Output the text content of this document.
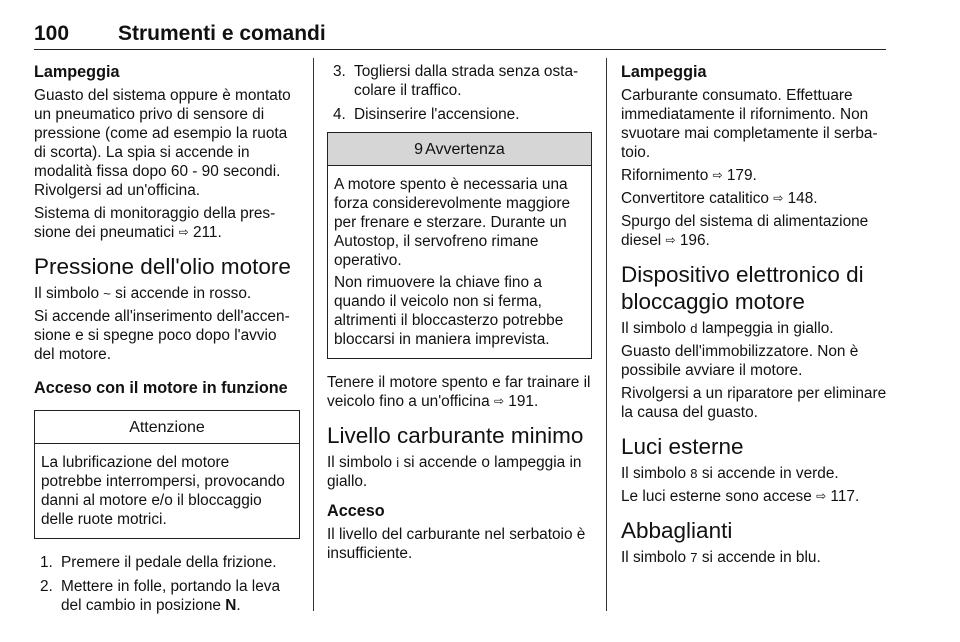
100 Strumenti e comandi
Lampeggia

Guasto del sistema oppure è montato un pneumatico privo di sensore di pressione (come ad esempio la ruota di scorta). La spia si accende in modalità fissa dopo 60 - 90 secondi. Rivolgersi ad un'officina.

Sistema di monitoraggio della pressione dei pneumatici ⇨ 211.

Pressione dell'olio motore

Il simbolo ~ si accende in rosso.

Si accende all'inserimento dell'accensione e si spegne poco dopo l'avvio del motore.

Acceso con il motore in funzione
Attenzione

La lubrificazione del motore potrebbe interrompersi, provocando danni al motore e/o il bloccaggio delle ruote motrici.

1. Premere il pedale della frizione.
2. Mettere in folle, portando la leva del cambio in posizione N.
3. Togliersi dalla strada senza ostacolare il traffico.
4. Disinserire l'accensione.
9 Avvertenza

A motore spento è necessaria una forza considerevolmente maggiore per frenare e sterzare. Durante un Autostop, il servofreno rimane operativo.

Non rimuovere la chiave fino a quando il veicolo non si ferma, altrimenti il bloccasterzo potrebbe bloccarsi in maniera imprevista.

Tenere il motore spento e far trainare il veicolo fino a un'officina ⇨ 191.

Livello carburante minimo

Il simbolo i si accende o lampeggia in giallo.

Acceso

Il livello del carburante nel serbatoio è insufficiente.

Lampeggia

Carburante consumato. Effettuare immediatamente il rifornimento. Non svuotare mai completamente il serbatoio.

Rifornimento ⇨ 179.

Convertitore catalitico ⇨ 148.

Spurgo del sistema di alimentazione diesel ⇨ 196.

Dispositivo elettronico di bloccaggio motore

Il simbolo d lampeggia in giallo.

Guasto dell'immobilizzatore. Non è possibile avviare il motore.

Rivolgersi a un riparatore per eliminare la causa del guasto.

Luci esterne

Il simbolo 8 si accende in verde.

Le luci esterne sono accese ⇨ 117.

Abbaglianti

Il simbolo 7 si accende in blu.
